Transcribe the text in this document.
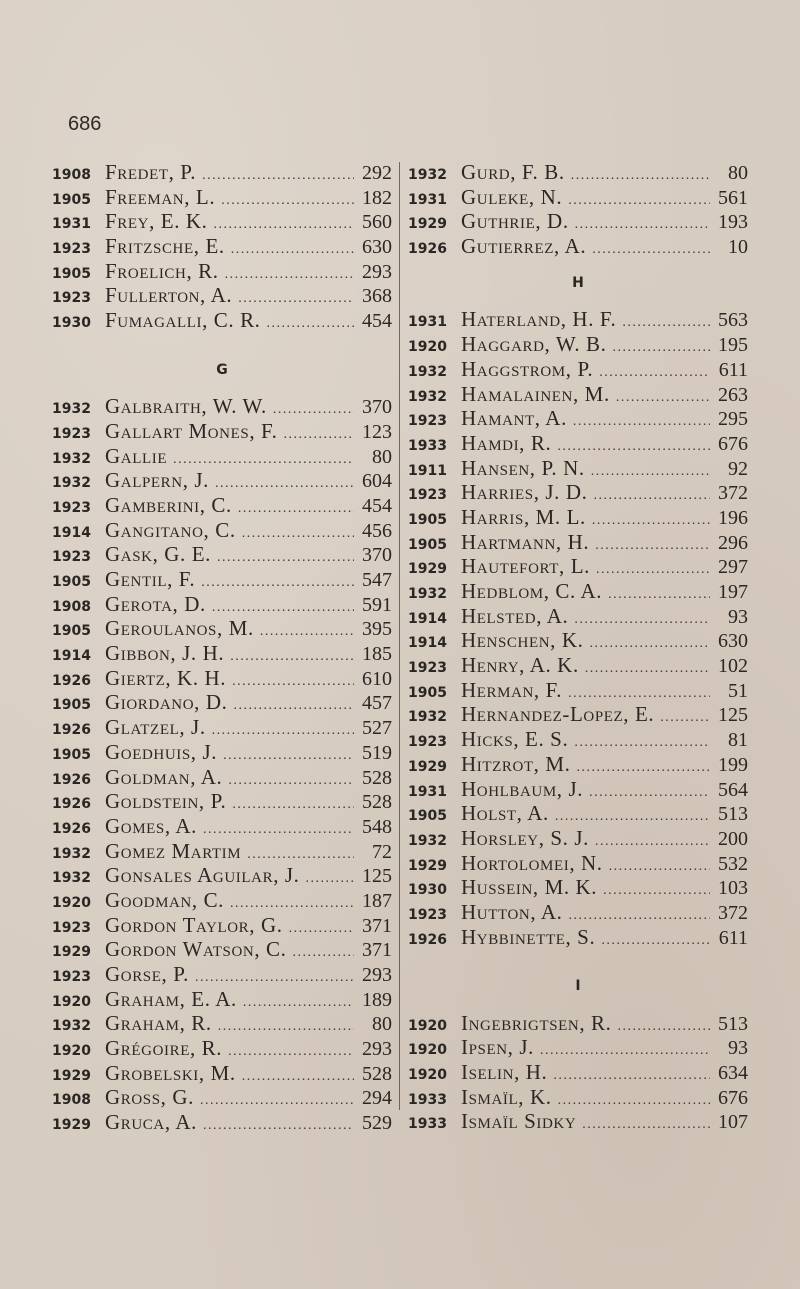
686
1908 Fredet, P. .....	292
1905 Freeman, L. .....	182
1931 Frey, E. K. .....	560
1923 Fritzsche, E. .....	630
1905 Froelich, R. .....	293
1923 Fullerton, A. .....	368
1930 Fumagalli, C. R. .....	454
G
1932 Galbraith, W. W. .....	370
1923 Gallart Mones, F. .....	123
1932 Gallie .....	80
1932 Galpern, J. .....	604
1923 Gamberini, C. .....	454
1914 Gangitano, C. .....	456
1923 Gask, G. E. .....	370
1905 Gentil, F. .....	547
1908 Gerota, D. .....	591
1905 Geroulanos, M. .....	395
1914 Gibbon, J. H. .....	185
1926 Giertz, K. H. .....	610
1905 Giordano, D. .....	457
1926 Glatzel, J. .....	527
1905 Goedhuis, J. .....	519
1926 Goldman, A. .....	528
1926 Goldstein, P. .....	528
1926 Gomes, A. .....	548
1932 Gomez Martim .....	72
1932 Gonsales Aguilar, J. .....	125
1920 Goodman, C. .....	187
1923 Gordon Taylor, G. .....	371
1929 Gordon Watson, C. .....	371
1923 Gorse, P. .....	293
1920 Graham, E. A. .....	189
1932 Graham, R. .....	80
1920 Grégoire, R. .....	293
1929 Grobelski, M. .....	528
1908 Gross, G. .....	294
1929 Gruca, A. .....	529
1932 Gurd, F. B. .....	80
1931 Guleke, N. .....	561
1929 Guthrie, D. .....	193
1926 Gutierrez, A. .....	10
H
1931 Haterland, H. F. .....	563
1920 Haggard, W. B. .....	195
1932 Haggstrom, P. .....	611
1932 Hamalainen, M. .....	263
1923 Hamant, A. .....	295
1933 Hamdi, R. .....	676
1911 Hansen, P. N. .....	92
1923 Harries, J. D. .....	372
1905 Harris, M. L. .....	196
1905 Hartmann, H. .....	296
1929 Hautefort, L. .....	297
1932 Hedblom, C. A. .....	197
1914 Helsted, A. .....	93
1914 Henschen, K. .....	630
1923 Henry, A. K. .....	102
1905 Herman, F. .....	51
1932 Hernandez-Lopez, E. .....	125
1923 Hicks, E. S. .....	81
1929 Hitzrot, M. .....	199
1931 Hohlbaum, J. .....	564
1905 Holst, A. .....	513
1932 Horsley, S. J. .....	200
1929 Hortolomei, N. .....	532
1930 Hussein, M. K. .....	103
1923 Hutton, A. .....	372
1926 Hybbinette, S. .....	611
I
1920 Ingebrigtsen, R. .....	513
1920 Ipsen, J. .....	93
1920 Iselin, H. .....	634
1933 Ismaïl, K. .....	676
1933 Ismaïl Sidky .....	107
